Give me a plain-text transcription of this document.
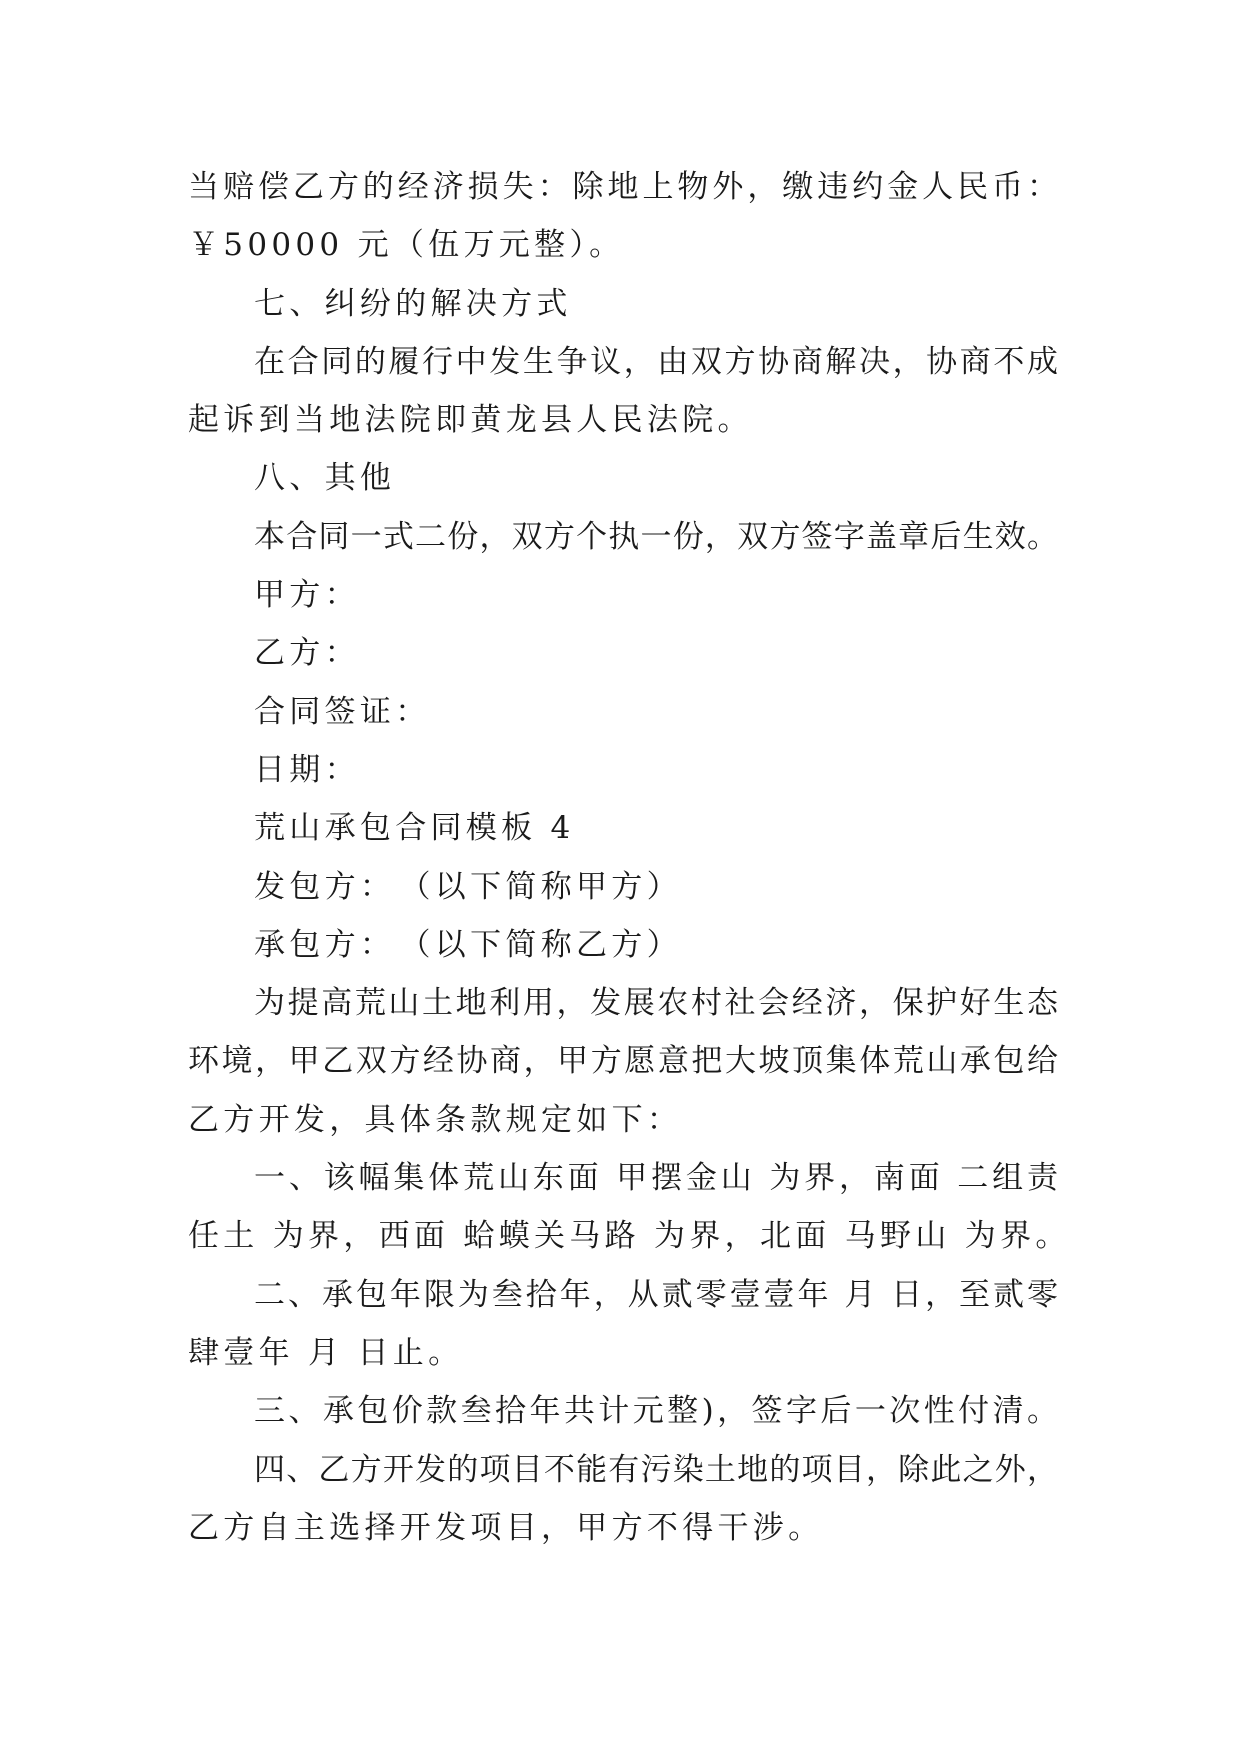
当赔偿乙方的经济损失：除地上物外，缴违约金人民币：
￥50000 元（伍万元整）。
七、纠纷的解决方式
在合同的履行中发生争议，由双方协商解决，协商不成
起诉到当地法院即黄龙县人民法院。
八、其他
本合同一式二份，双方个执一份，双方签字盖章后生效。
甲方：
乙方：
合同签证：
日期：
荒山承包合同模板 4
发包方：　（以下简称甲方）
承包方：　（以下简称乙方）
为提高荒山土地利用，发展农村社会经济，保护好生态
环境，甲乙双方经协商，甲方愿意把大坡顶集体荒山承包给
乙方开发，具体条款规定如下：
一、该幅集体荒山东面 甲摆金山 为界，南面 二组责
任土 为界，西面 蛤蟆关马路 为界，北面 马野山 为界。
二、承包年限为叁拾年，从贰零壹壹年 月 日，至贰零
肆壹年 月 日止。
三、承包价款叁拾年共计元整)，签字后一次性付清。
四、乙方开发的项目不能有污染土地的项目，除此之外，
乙方自主选择开发项目，甲方不得干涉。
